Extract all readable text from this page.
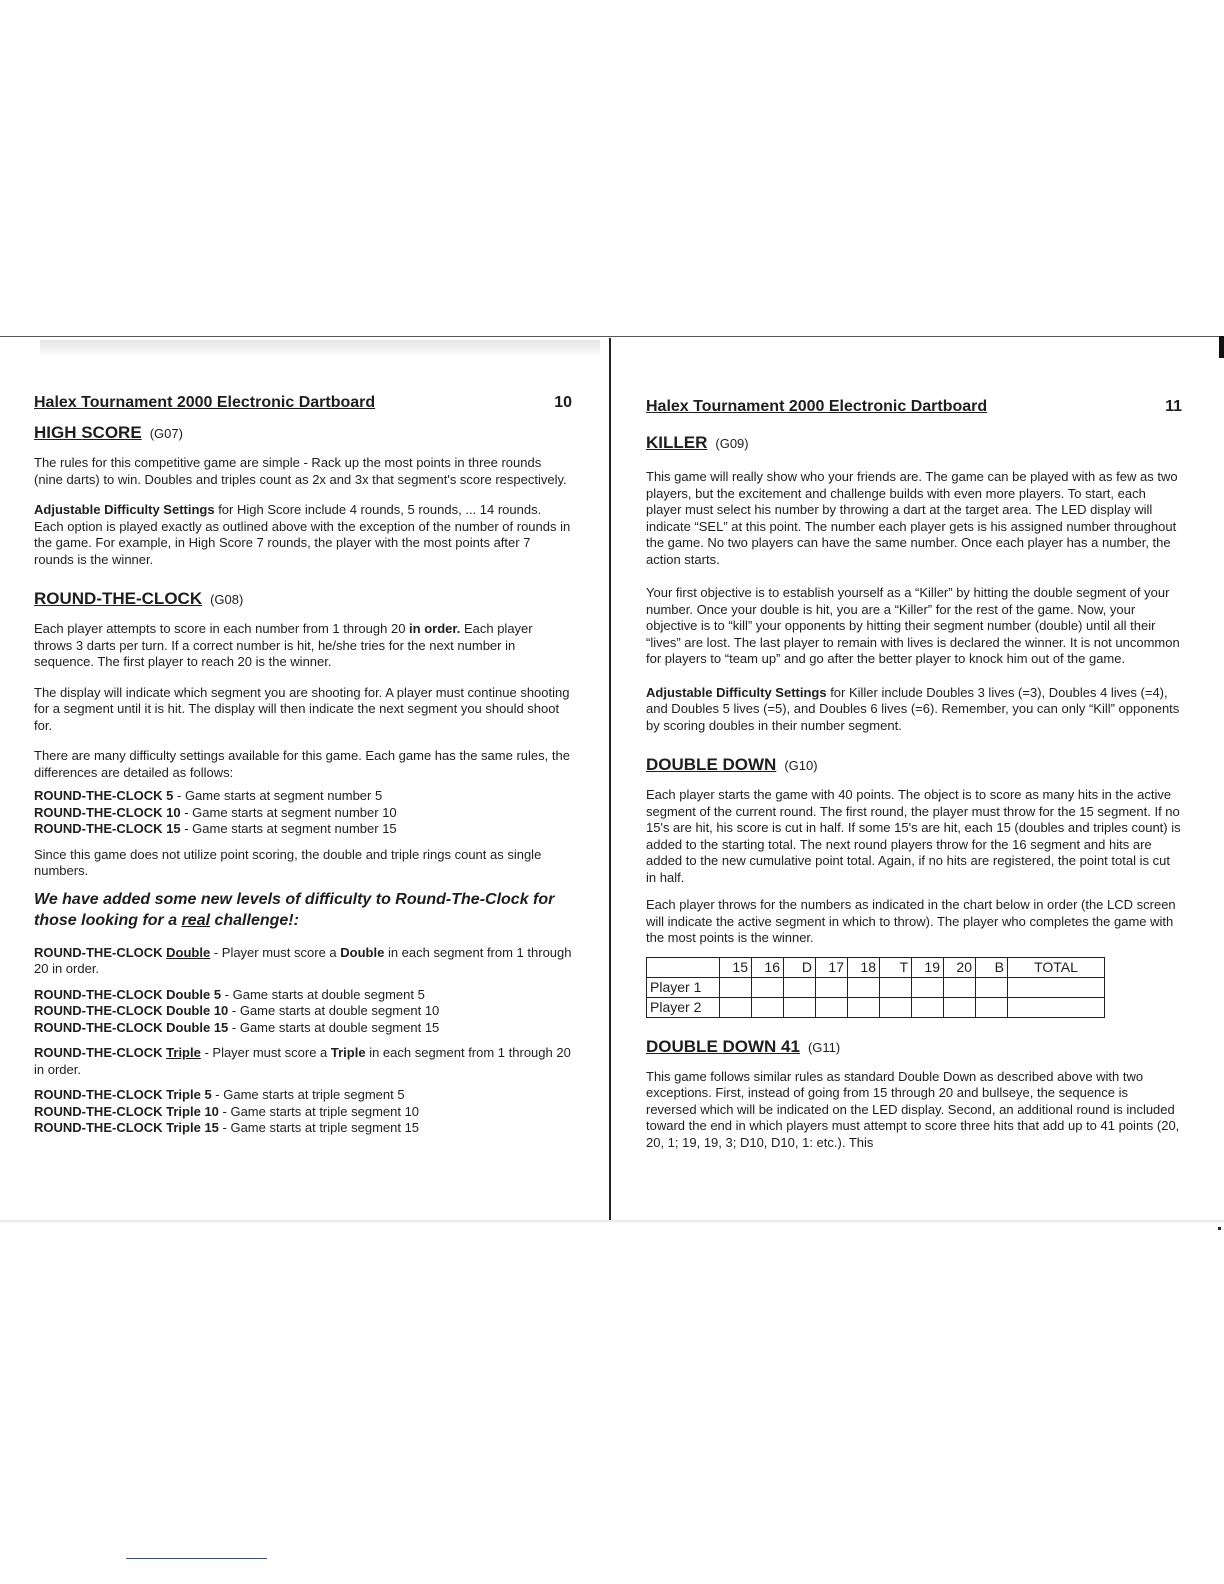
Halex Tournament 2000 Electronic Dartboard	10
HIGH SCORE (G07)

The rules for this competitive game are simple - Rack up the most points in three rounds (nine darts) to win. Doubles and triples count as 2x and 3x that segment's score respectively.

Adjustable Difficulty Settings for High Score include 4 rounds, 5 rounds, ... 14 rounds. Each option is played exactly as outlined above with the exception of the number of rounds in the game. For example, in High Score 7 rounds, the player with the most points after 7 rounds is the winner.

ROUND-THE-CLOCK (G08)

Each player attempts to score in each number from 1 through 20 in order. Each player throws 3 darts per turn. If a correct number is hit, he/she tries for the next number in sequence. The first player to reach 20 is the winner.

The display will indicate which segment you are shooting for. A player must continue shooting for a segment until it is hit. The display will then indicate the next segment you should shoot for.

There are many difficulty settings available for this game. Each game has the same rules, the differences are detailed as follows:

ROUND-THE-CLOCK 5 - Game starts at segment number 5

ROUND-THE-CLOCK 10 - Game starts at segment number 10

ROUND-THE-CLOCK 15 - Game starts at segment number 15

Since this game does not utilize point scoring, the double and triple rings count as single numbers.

We have added some new levels of difficulty to Round-The-Clock for those looking for a real challenge!:

ROUND-THE-CLOCK Double - Player must score a Double in each segment from 1 through 20 in order.

ROUND-THE-CLOCK Double 5 - Game starts at double segment 5

ROUND-THE-CLOCK Double 10 - Game starts at double segment 10

ROUND-THE-CLOCK Double 15 - Game starts at double segment 15

ROUND-THE-CLOCK Triple - Player must score a Triple in each segment from 1 through 20 in order.

ROUND-THE-CLOCK Triple 5 - Game starts at triple segment 5

ROUND-THE-CLOCK Triple 10 - Game starts at triple segment 10

ROUND-THE-CLOCK Triple 15 - Game starts at triple segment 15

Halex Tournament 2000 Electronic Dartboard	11
KILLER (G09)

This game will really show who your friends are. The game can be played with as few as two players, but the excitement and challenge builds with even more players. To start, each player must select his number by throwing a dart at the target area. The LED display will indicate “SEL” at this point. The number each player gets is his assigned number throughout the game. No two players can have the same number. Once each player has a number, the action starts.

Your first objective is to establish yourself as a “Killer” by hitting the double segment of your number. Once your double is hit, you are a “Killer” for the rest of the game. Now, your objective is to “kill” your opponents by hitting their segment number (double) until all their “lives” are lost. The last player to remain with lives is declared the winner. It is not uncommon for players to “team up” and go after the better player to knock him out of the game.

Adjustable Difficulty Settings for Killer include Doubles 3 lives (=3), Doubles 4 lives (=4), and Doubles 5 lives (=5), and Doubles 6 lives (=6). Remember, you can only “Kill” opponents by scoring doubles in their number segment.

DOUBLE DOWN (G10)

Each player starts the game with 40 points. The object is to score as many hits in the active segment of the current round. The first round, the player must throw for the 15 segment. If no 15's are hit, his score is cut in half. If some 15's are hit, each 15 (doubles and triples count) is added to the starting total. The next round players throw for the 16 segment and hits are added to the new cumulative point total. Again, if no hits are registered, the point total is cut in half.

Each player throws for the numbers as indicated in the chart below in order (the LCD screen will indicate the active segment in which to throw). The player who completes the game with the most points is the winner.

	15	16	D	17	18	T	19	20	B	TOTAL
Player 1										
Player 2										
DOUBLE DOWN 41 (G11)

This game follows similar rules as standard Double Down as described above with two exceptions. First, instead of going from 15 through 20 and bullseye, the sequence is reversed which will be indicated on the LED display. Second, an additional round is included toward the end in which players must attempt to score three hits that add up to 41 points (20, 20, 1; 19, 19, 3; D10, D10, 1: etc.). This
